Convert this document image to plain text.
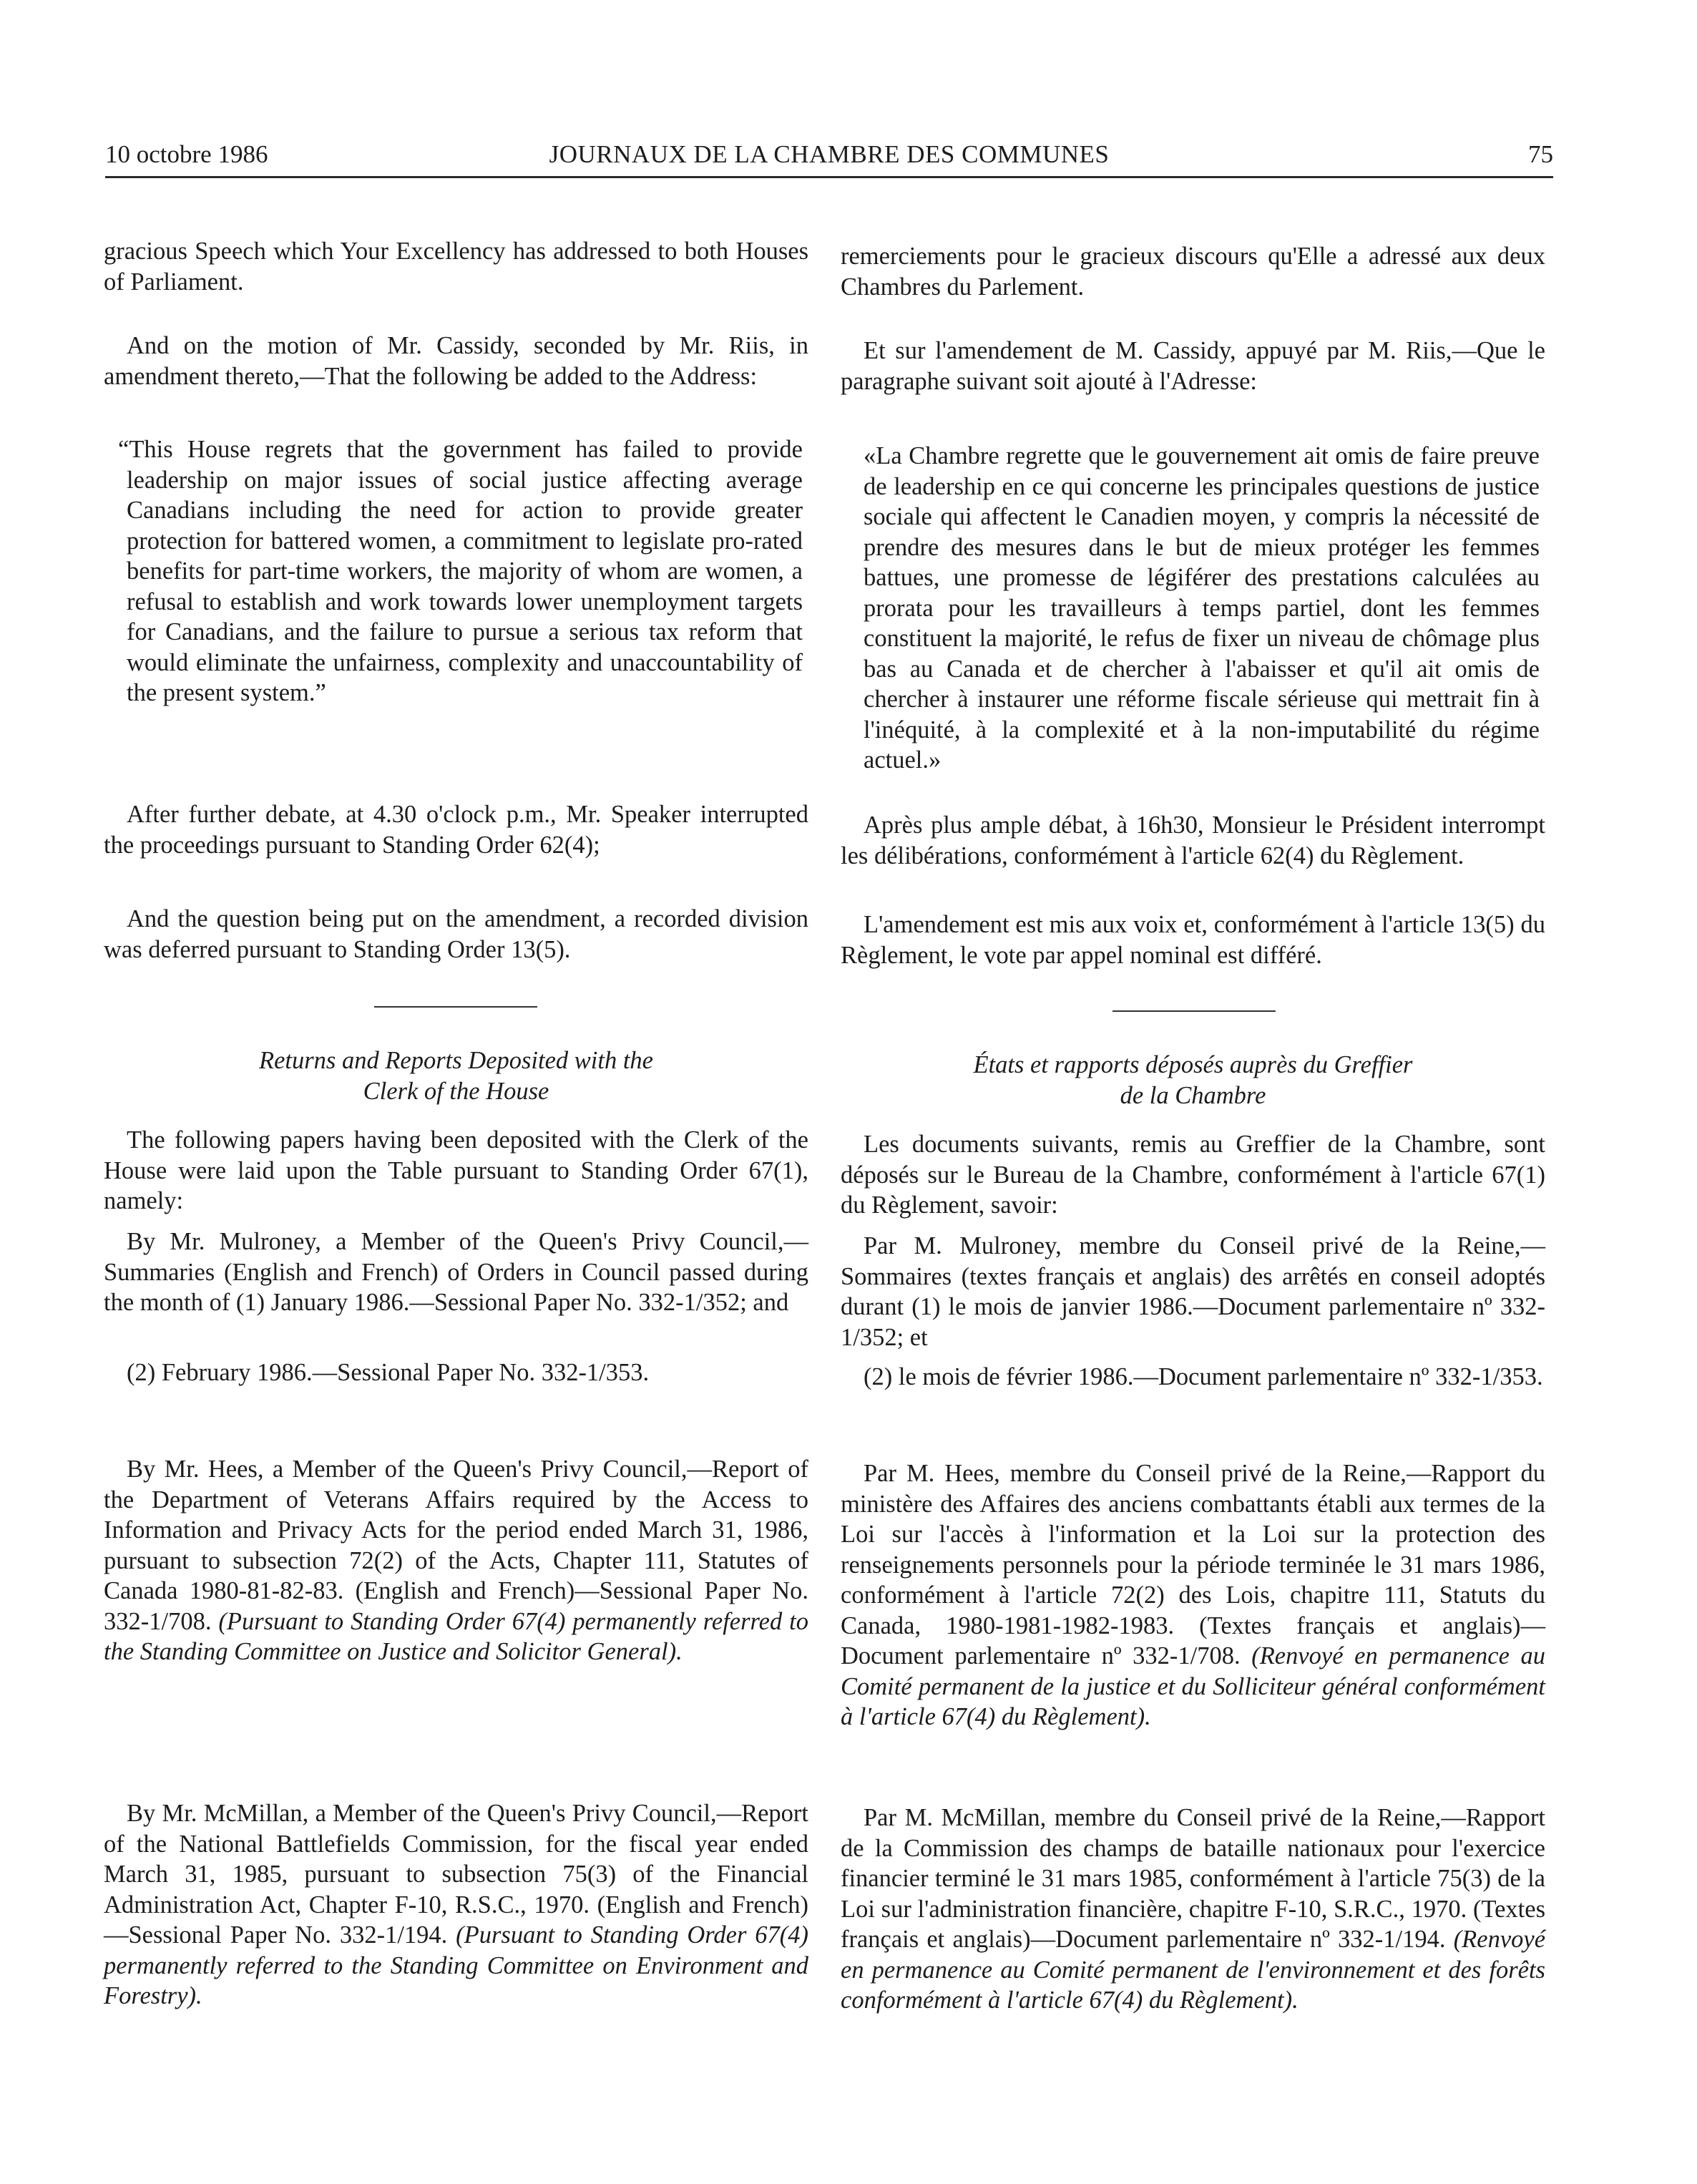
10 octobre 1986	JOURNAUX DE LA CHAMBRE DES COMMUNES	75

gracious Speech which Your Excellency has addressed to both Houses of Parliament.

And on the motion of Mr. Cassidy, seconded by Mr. Riis, in amendment thereto,—That the following be added to the Address:

“This House regrets that the government has failed to provide leadership on major issues of social justice affecting average Canadians including the need for action to provide greater protection for battered women, a commitment to legislate pro-rated benefits for part-time workers, the majority of whom are women, a refusal to establish and work towards lower unemployment targets for Canadians, and the failure to pursue a serious tax reform that would eliminate the unfairness, complexity and unaccountability of the present system.”

After further debate, at 4.30 o'clock p.m., Mr. Speaker interrupted the proceedings pursuant to Standing Order 62(4);

And the question being put on the amendment, a recorded division was deferred pursuant to Standing Order 13(5).

Returns and Reports Deposited with the
Clerk of the House

The following papers having been deposited with the Clerk of the House were laid upon the Table pursuant to Standing Order 67(1), namely:

By Mr. Mulroney, a Member of the Queen's Privy Council,—Summaries (English and French) of Orders in Council passed during the month of (1) January 1986.—Sessional Paper No. 332-1/352; and

(2) February 1986.—Sessional Paper No. 332-1/353.

By Mr. Hees, a Member of the Queen's Privy Council,—Report of the Department of Veterans Affairs required by the Access to Information and Privacy Acts for the period ended March 31, 1986, pursuant to subsection 72(2) of the Acts, Chapter 111, Statutes of Canada 1980-81-82-83. (English and French)—Sessional Paper No. 332-1/708. (Pursuant to Standing Order 67(4) permanently referred to the Standing Committee on Justice and Solicitor General).

By Mr. McMillan, a Member of the Queen's Privy Council,—Report of the National Battlefields Commission, for the fiscal year ended March 31, 1985, pursuant to subsection 75(3) of the Financial Administration Act, Chapter F-10, R.S.C., 1970. (English and French)—Sessional Paper No. 332-1/194. (Pursuant to Standing Order 67(4) permanently referred to the Standing Committee on Environment and Forestry).

remerciements pour le gracieux discours qu'Elle a adressé aux deux Chambres du Parlement.

Et sur l'amendement de M. Cassidy, appuyé par M. Riis,—Que le paragraphe suivant soit ajouté à l'Adresse:

«La Chambre regrette que le gouvernement ait omis de faire preuve de leadership en ce qui concerne les principales questions de justice sociale qui affectent le Canadien moyen, y compris la nécessité de prendre des mesures dans le but de mieux protéger les femmes battues, une promesse de légiférer des prestations calculées au prorata pour les travailleurs à temps partiel, dont les femmes constituent la majorité, le refus de fixer un niveau de chômage plus bas au Canada et de chercher à l'abaisser et qu'il ait omis de chercher à instaurer une réforme fiscale sérieuse qui mettrait fin à l'inéquité, à la complexité et à la non-imputabilité du régime actuel.»

Après plus ample débat, à 16h30, Monsieur le Président interrompt les délibérations, conformément à l'article 62(4) du Règlement.

L'amendement est mis aux voix et, conformément à l'article 13(5) du Règlement, le vote par appel nominal est différé.

États et rapports déposés auprès du Greffier
de la Chambre

Les documents suivants, remis au Greffier de la Chambre, sont déposés sur le Bureau de la Chambre, conformément à l'article 67(1) du Règlement, savoir:

Par M. Mulroney, membre du Conseil privé de la Reine,—Sommaires (textes français et anglais) des arrêtés en conseil adoptés durant (1) le mois de janvier 1986.—Document parlementaire nº 332-1/352; et

(2) le mois de février 1986.—Document parlementaire nº 332-1/353.

Par M. Hees, membre du Conseil privé de la Reine,—Rapport du ministère des Affaires des anciens combattants établi aux termes de la Loi sur l'accès à l'information et la Loi sur la protection des renseignements personnels pour la période terminée le 31 mars 1986, conformément à l'article 72(2) des Lois, chapitre 111, Statuts du Canada, 1980-1981-1982-1983. (Textes français et anglais)—Document parlementaire nº 332-1/708. (Renvoyé en permanence au Comité permanent de la justice et du Solliciteur général conformément à l'article 67(4) du Règlement).

Par M. McMillan, membre du Conseil privé de la Reine,—Rapport de la Commission des champs de bataille nationaux pour l'exercice financier terminé le 31 mars 1985, conformément à l'article 75(3) de la Loi sur l'administration financière, chapitre F-10, S.R.C., 1970. (Textes français et anglais)—Document parlementaire nº 332-1/194. (Renvoyé en permanence au Comité permanent de l'environnement et des forêts conformément à l'article 67(4) du Règlement).
